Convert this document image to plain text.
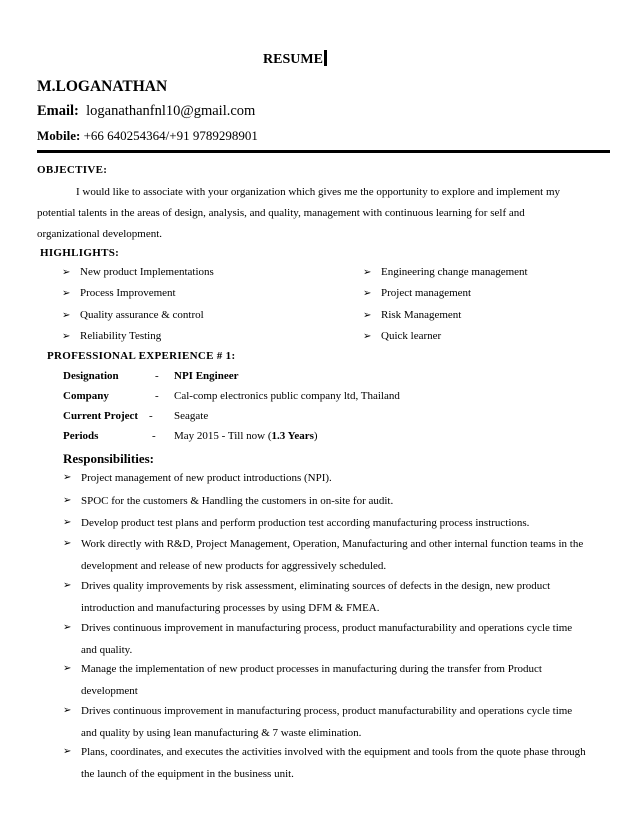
RESUME
M.LOGANATHAN
Email: loganathanfnl10@gmail.com
Mobile: +66 640254364/+91 9789298901
OBJECTIVE:
I would like to associate with your organization which gives me the opportunity to explore and implement my
potential talents in the areas of design, analysis, and quality, management with continuous learning for self and
organizational development.
HIGHLIGHTS:
➢ New product Implementations
➢ Process Improvement
➢ Quality assurance & control
➢ Reliability Testing
➢ Engineering change management
➢ Project management
➢ Risk Management
➢ Quick learner
PROFESSIONAL EXPERIENCE # 1:
Designation	- NPI Engineer
Company	- Cal-comp electronics public company ltd, Thailand
Current Project - Seagate
Periods	- May 2015 - Till now (1.3 Years)
Responsibilities:
➢ Project management of new product introductions (NPI).
➢ SPOC for the customers & Handling the customers in on-site for audit.
➢ Develop product test plans and perform production test according manufacturing process instructions.
➢ Work directly with R&D, Project Management, Operation, Manufacturing and other internal function teams in the
development and release of new products for aggressively scheduled.
➢ Drives quality improvements by risk assessment, eliminating sources of defects in the design, new product
introduction and manufacturing processes by using DFM & FMEA.
➢ Drives continuous improvement in manufacturing process, product manufacturability and operations cycle time
and quality.
➢ Manage the implementation of new product processes in manufacturing during the transfer from Product
development
➢ Drives continuous improvement in manufacturing process, product manufacturability and operations cycle time
and quality by using lean manufacturing & 7 waste elimination.
➢ Plans, coordinates, and executes the activities involved with the equipment and tools from the quote phase through
the launch of the equipment in the business unit.
